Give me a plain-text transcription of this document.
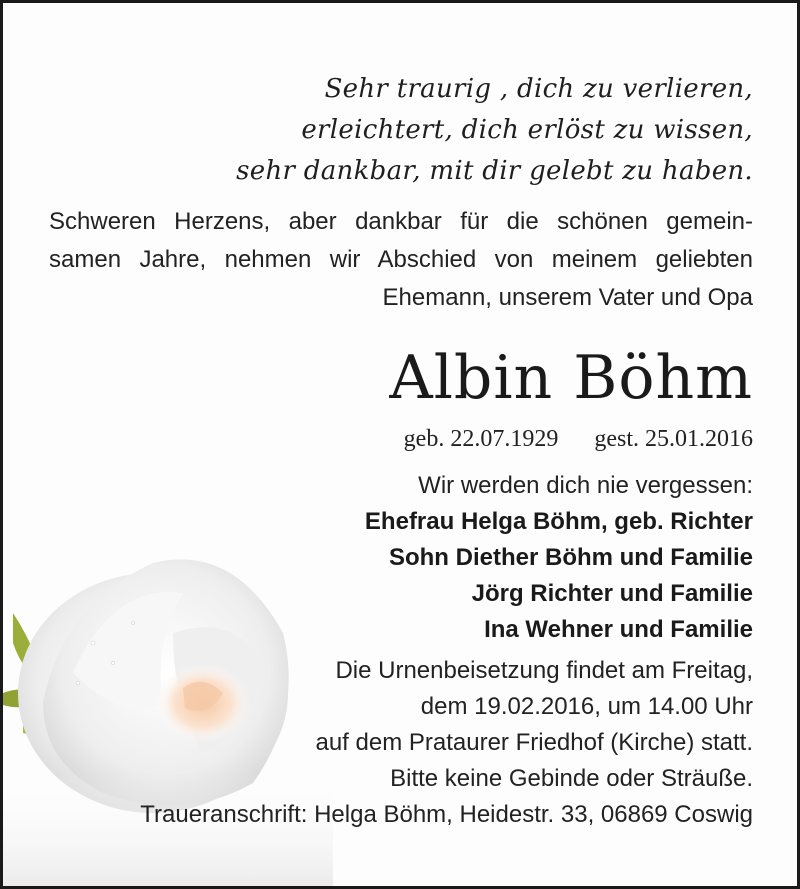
Sehr traurig , dich zu verlieren,
erleichtert, dich erlöst zu wissen,
sehr dankbar, mit dir gelebt zu haben.
Schweren Herzens, aber dankbar für die schönen gemein-
samen Jahre, nehmen wir Abschied von meinem geliebten
Ehemann, unserem Vater und Opa
Albin Böhm
geb. 22.07.1929 gest. 25.01.2016
Wir werden dich nie vergessen:
Ehefrau Helga Böhm, geb. Richter
Sohn Diether Böhm und Familie
Jörg Richter und Familie
Ina Wehner und Familie
Die Urnenbeisetzung findet am Freitag,
dem 19.02.2016, um 14.00 Uhr
auf dem Prataurer Friedhof (Kirche) statt.
Bitte keine Gebinde oder Sträuße.
Traueranschrift: Helga Böhm, Heidestr. 33, 06869 Coswig
